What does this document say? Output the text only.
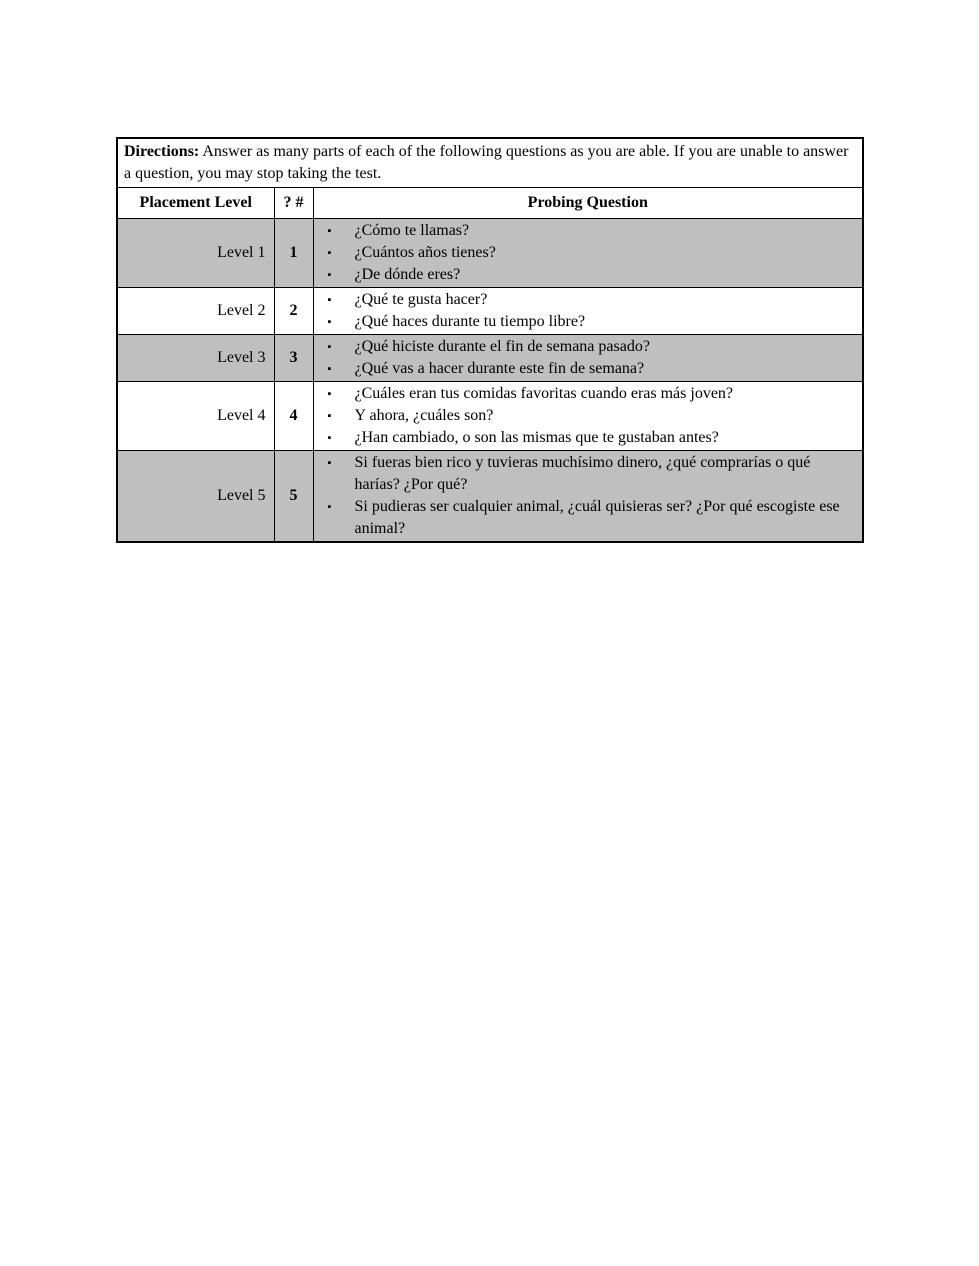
Directions: Answer as many parts of each of the following questions as you are able. If you are unable to answer a question, you may stop taking the test.		
Placement Level	? #	Probing Question
Level 1	1	
▪ ¿Cómo te llamas?
▪ ¿Cuántos años tienes?
▪ ¿De dónde eres?

Level 2	2	
▪ ¿Qué te gusta hacer?
▪ ¿Qué haces durante tu tiempo libre?

Level 3	3	
▪ ¿Qué hiciste durante el fin de semana pasado?
▪ ¿Qué vas a hacer durante este fin de semana?

Level 4	4	
▪ ¿Cuáles eran tus comidas favoritas cuando eras más joven?
▪ Y ahora, ¿cuáles son?
▪ ¿Han cambiado, o son las mismas que te gustaban antes?

Level 5	5	
▪ Si fueras bien rico y tuvieras muchísimo dinero, ¿qué comprarías o qué harías? ¿Por qué?
▪ Si pudieras ser cualquier animal, ¿cuál quisieras ser? ¿Por qué escogiste ese animal?
